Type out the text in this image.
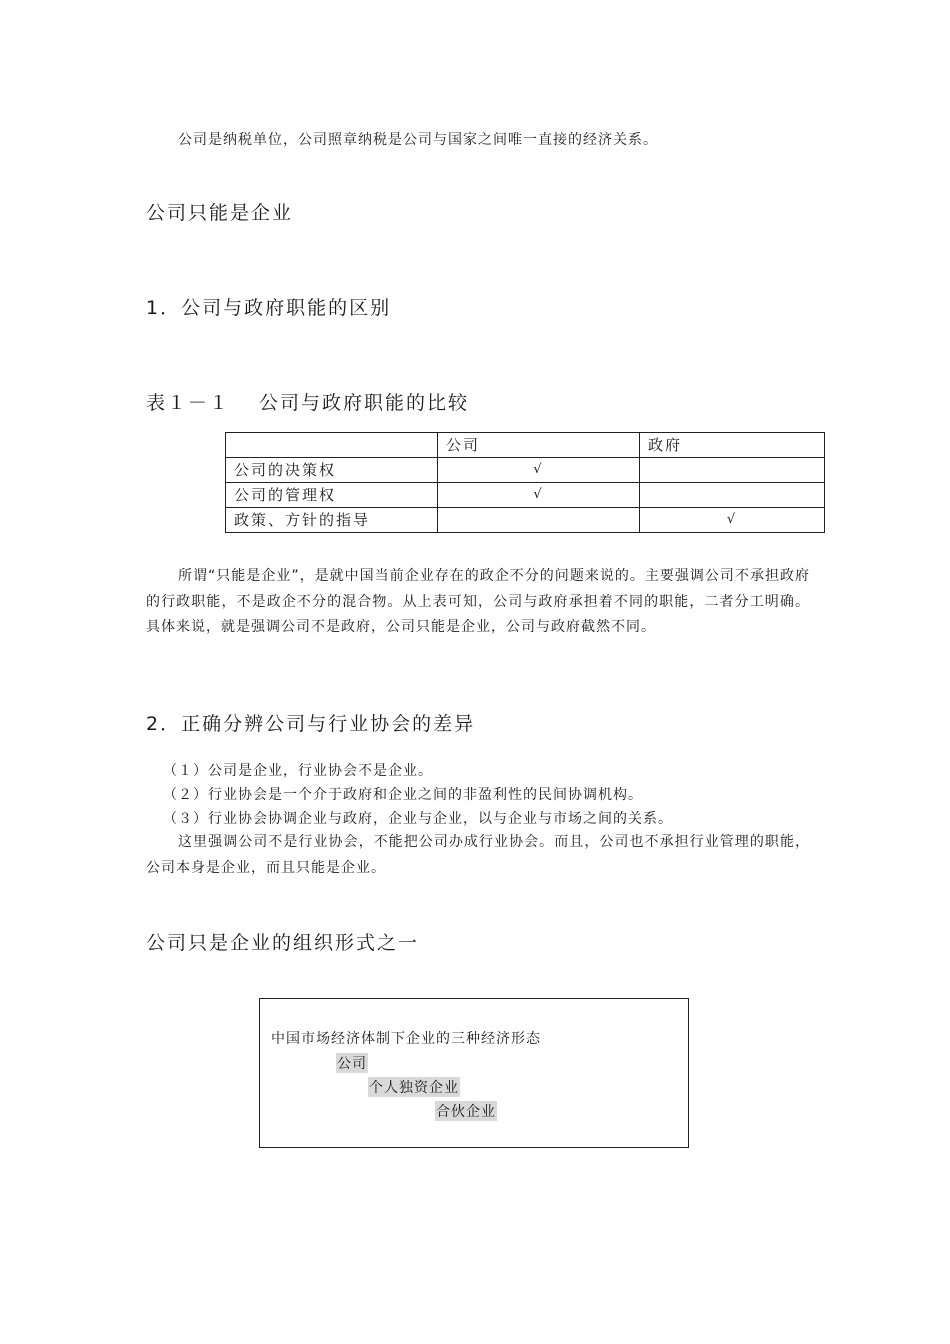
公司是纳税单位，公司照章纳税是公司与国家之间唯一直接的经济关系。
公司只能是企业
1．公司与政府职能的区别
表１－１　 公司与政府职能的比较
	公司	政府
公司的决策权	√	
公司的管理权	√	
政策、方针的指导		√

所谓“只能是企业”，是就中国当前企业存在的政企不分的问题来说的。主要强调公司不承担政府的行政职能，不是政企不分的混合物。从上表可知，公司与政府承担着不同的职能，二者分工明确。具体来说，就是强调公司不是政府，公司只能是企业，公司与政府截然不同。

2．正确分辨公司与行业协会的差异
（１）公司是企业，行业协会不是企业。
（２）行业协会是一个介于政府和企业之间的非盈利性的民间协调机构。
（３）行业协会协调企业与政府，企业与企业，以与企业与市场之间的关系。

这里强调公司不是行业协会，不能把公司办成行业协会。而且，公司也不承担行业管理的职能，公司本身是企业，而且只能是企业。

公司只是企业的组织形式之一
中国市场经济体制下企业的三种经济形态
公司
个人独资企业
合伙企业
